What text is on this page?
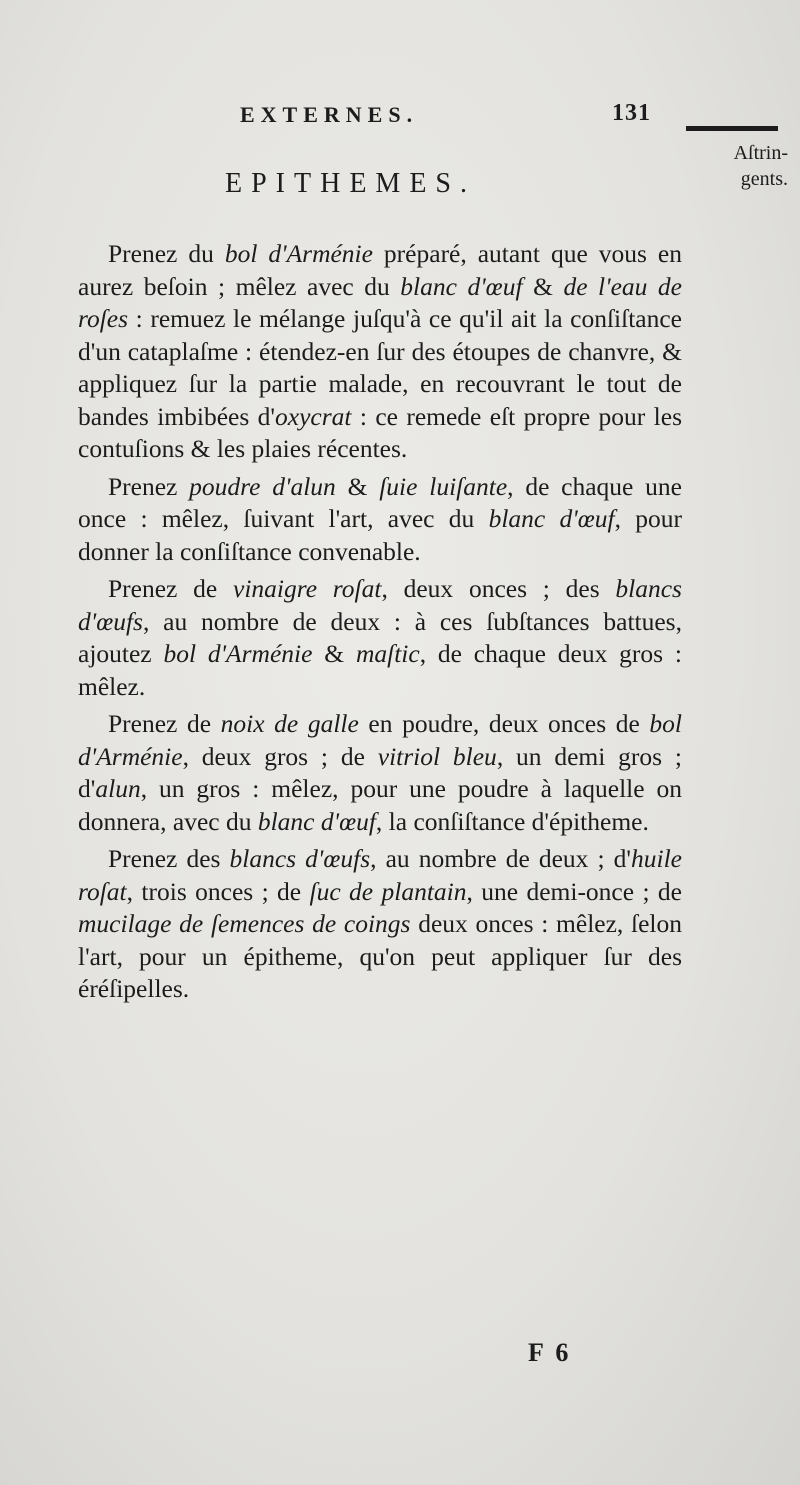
EXTERNES.	131
Aſtrin-
gents.
EPITHEMES.

Prenez du bol d'Arménie préparé, autant que vous en aurez beſoin ; mêlez avec du blanc d'œuf & de l'eau de roſes : remuez le mélange juſqu'à ce qu'il ait la conſiſtance d'un cataplaſme : étendez-en ſur des étoupes de chanvre, & appliquez ſur la partie malade, en recouvrant le tout de bandes imbibées d'oxycrat : ce remede eſt propre pour les contuſions & les plaies récentes.

Prenez poudre d'alun & ſuie luiſante, de chaque une once : mêlez, ſuivant l'art, avec du blanc d'œuf, pour donner la conſiſtance convenable.

Prenez de vinaigre roſat, deux onces ; des blancs d'œufs, au nombre de deux : à ces ſubſtances battues, ajoutez bol d'Arménie & maſtic, de chaque deux gros : mêlez.

Prenez de noix de galle en poudre, deux onces de bol d'Arménie, deux gros ; de vitriol bleu, un demi gros ; d'alun, un gros : mêlez, pour une poudre à laquelle on donnera, avec du blanc d'œuf, la conſiſtance d'épitheme.

Prenez des blancs d'œufs, au nombre de deux ; d'huile roſat, trois onces ; de ſuc de plantain, une demi-once ; de mucilage de ſemences de coings deux onces : mêlez, ſelon l'art, pour un épitheme, qu'on peut appliquer ſur des éréſipelles.

F 6
